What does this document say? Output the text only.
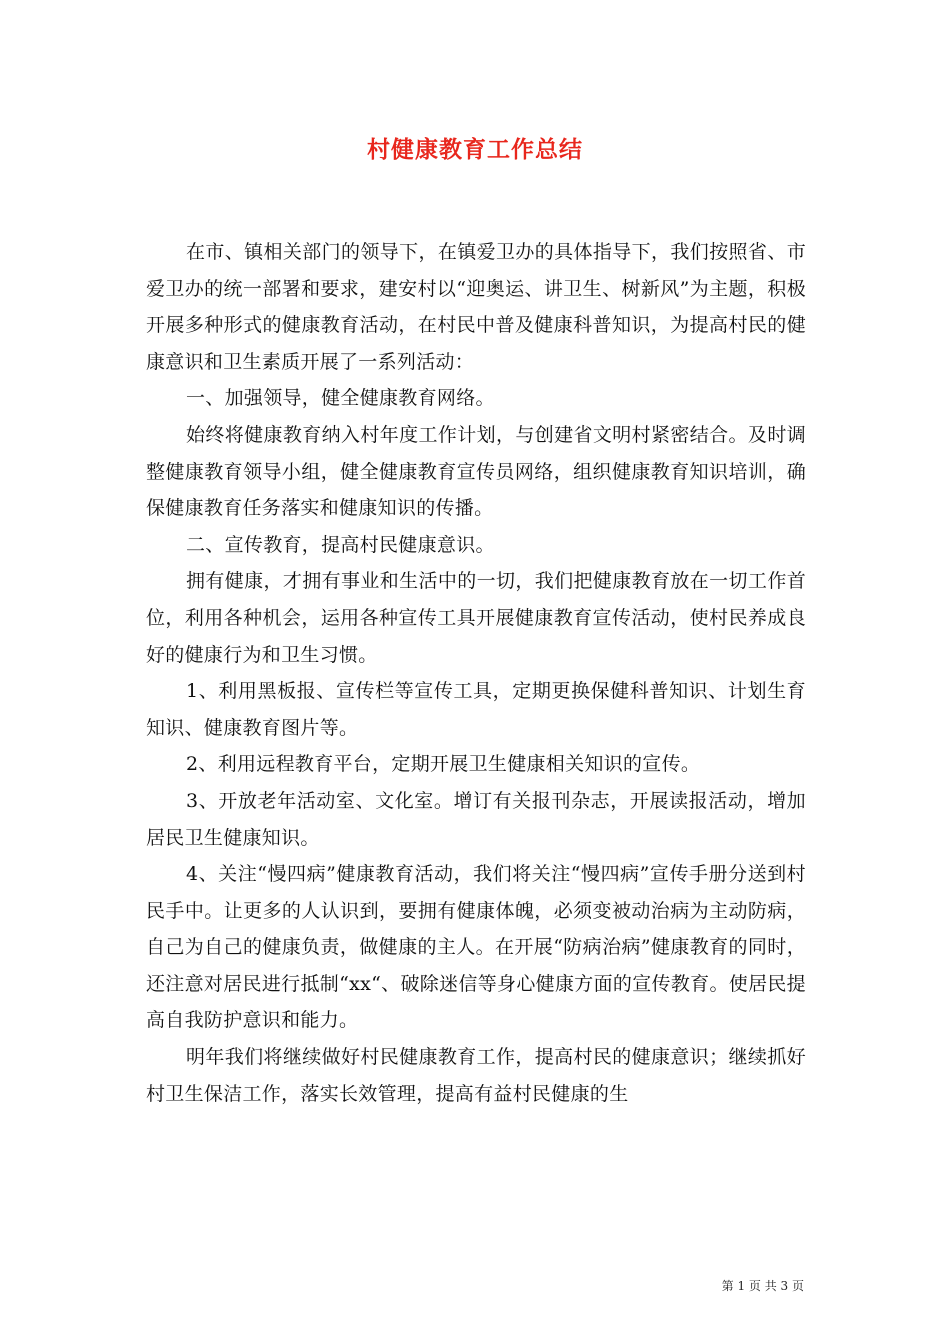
村健康教育工作总结

在市、镇相关部门的领导下，在镇爱卫办的具体指导下，我们按照省、市爱卫办的统一部署和要求，建安村以“迎奥运、讲卫生、树新风”为主题，积极开展多种形式的健康教育活动，在村民中普及健康科普知识，为提高村民的健康意识和卫生素质开展了一系列活动：

一、加强领导，健全健康教育网络。

始终将健康教育纳入村年度工作计划，与创建省文明村紧密结合。及时调整健康教育领导小组，健全健康教育宣传员网络，组织健康教育知识培训，确保健康教育任务落实和健康知识的传播。

二、宣传教育，提高村民健康意识。

拥有健康，才拥有事业和生活中的一切，我们把健康教育放在一切工作首位，利用各种机会，运用各种宣传工具开展健康教育宣传活动，使村民养成良好的健康行为和卫生习惯。

1、利用黑板报、宣传栏等宣传工具，定期更换保健科普知识、计划生育知识、健康教育图片等。

2、利用远程教育平台，定期开展卫生健康相关知识的宣传。

3、开放老年活动室、文化室。增订有关报刊杂志，开展读报活动，增加居民卫生健康知识。

4、关注“慢四病”健康教育活动，我们将关注“慢四病”宣传手册分送到村民手中。让更多的人认识到，要拥有健康体魄，必须变被动治病为主动防病，自己为自己的健康负责，做健康的主人。在开展“防病治病”健康教育的同时，还注意对居民进行抵制“xx“、破除迷信等身心健康方面的宣传教育。使居民提高自我防护意识和能力。

明年我们将继续做好村民健康教育工作，提高村民的健康意识；继续抓好村卫生保洁工作，落实长效管理，提高有益村民健康的生

第 1 页 共 3 页
